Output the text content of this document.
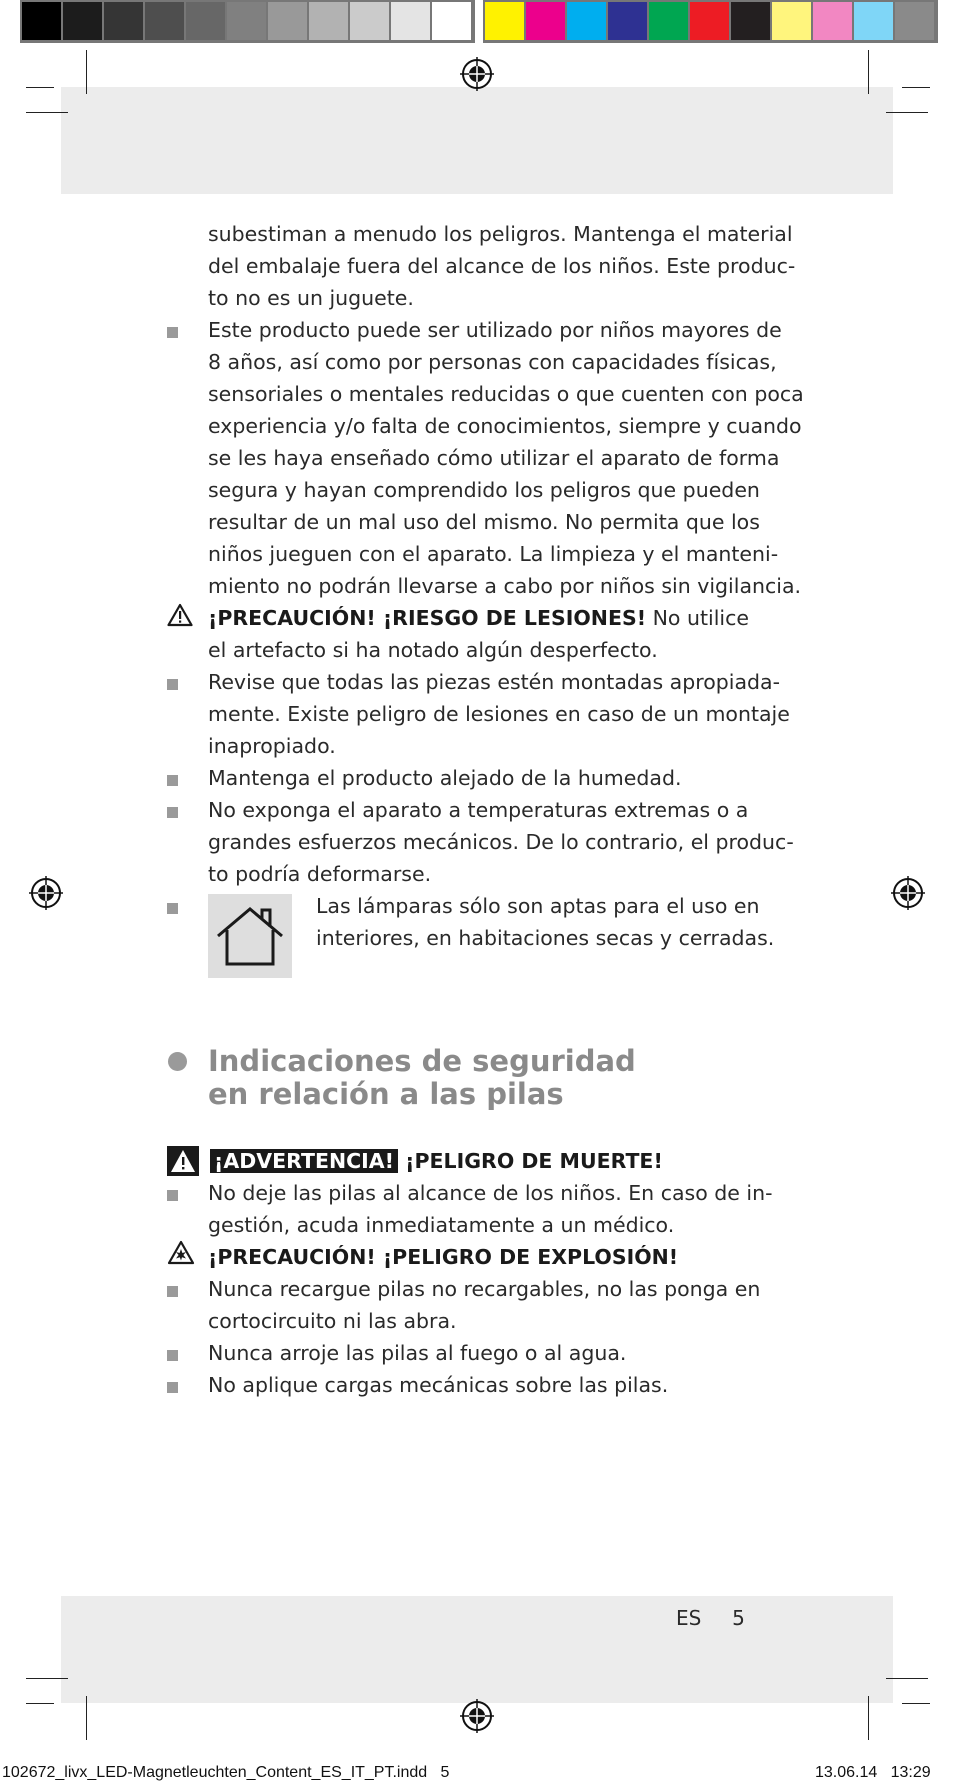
subestiman a menudo los peligros. Mantenga el material
del embalaje fuera del alcance de los niños. Este produc-
to no es un juguete.
Este producto puede ser utilizado por niños mayores de
8 años, así como por personas con capacidades físicas,
sensoriales o mentales reducidas o que cuenten con poca
experiencia y/o falta de conocimientos, siempre y cuando
se les haya enseñado cómo utilizar el aparato de forma
segura y hayan comprendido los peligros que pueden
resultar de un mal uso del mismo. No permita que los
niños jueguen con el aparato. La limpieza y el manteni-
miento no podrán llevarse a cabo por niños sin vigilancia.
¡PRECAUCIÓN! ¡RIESGO DE LESIONES! No utilice
el artefacto si ha notado algún desperfecto.
Revise que todas las piezas estén montadas apropiada-
mente. Existe peligro de lesiones en caso de un montaje
inapropiado.
Mantenga el producto alejado de la humedad.
No exponga el aparato a temperaturas extremas o a
grandes esfuerzos mecánicos. De lo contrario, el produc-
to podría deformarse.
Las lámparas sólo son aptas para el uso en
interiores, en habitaciones secas y cerradas.
Indicaciones de seguridad
en relación a las pilas
¡ADVERTENCIA! ¡PELIGRO DE MUERTE!
No deje las pilas al alcance de los niños. En caso de in-
gestión, acuda inmediatamente a un médico.
¡PRECAUCIÓN! ¡PELIGRO DE EXPLOSIÓN!
Nunca recargue pilas no recargables, no las ponga en
cortocircuito ni las abra.
Nunca arroje las pilas al fuego o al agua.
No aplique cargas mecánicas sobre las pilas.
ES 5
102672_livx_LED-Magnetleuchten_Content_ES_IT_PT.indd   5	13.06.14   13:29
